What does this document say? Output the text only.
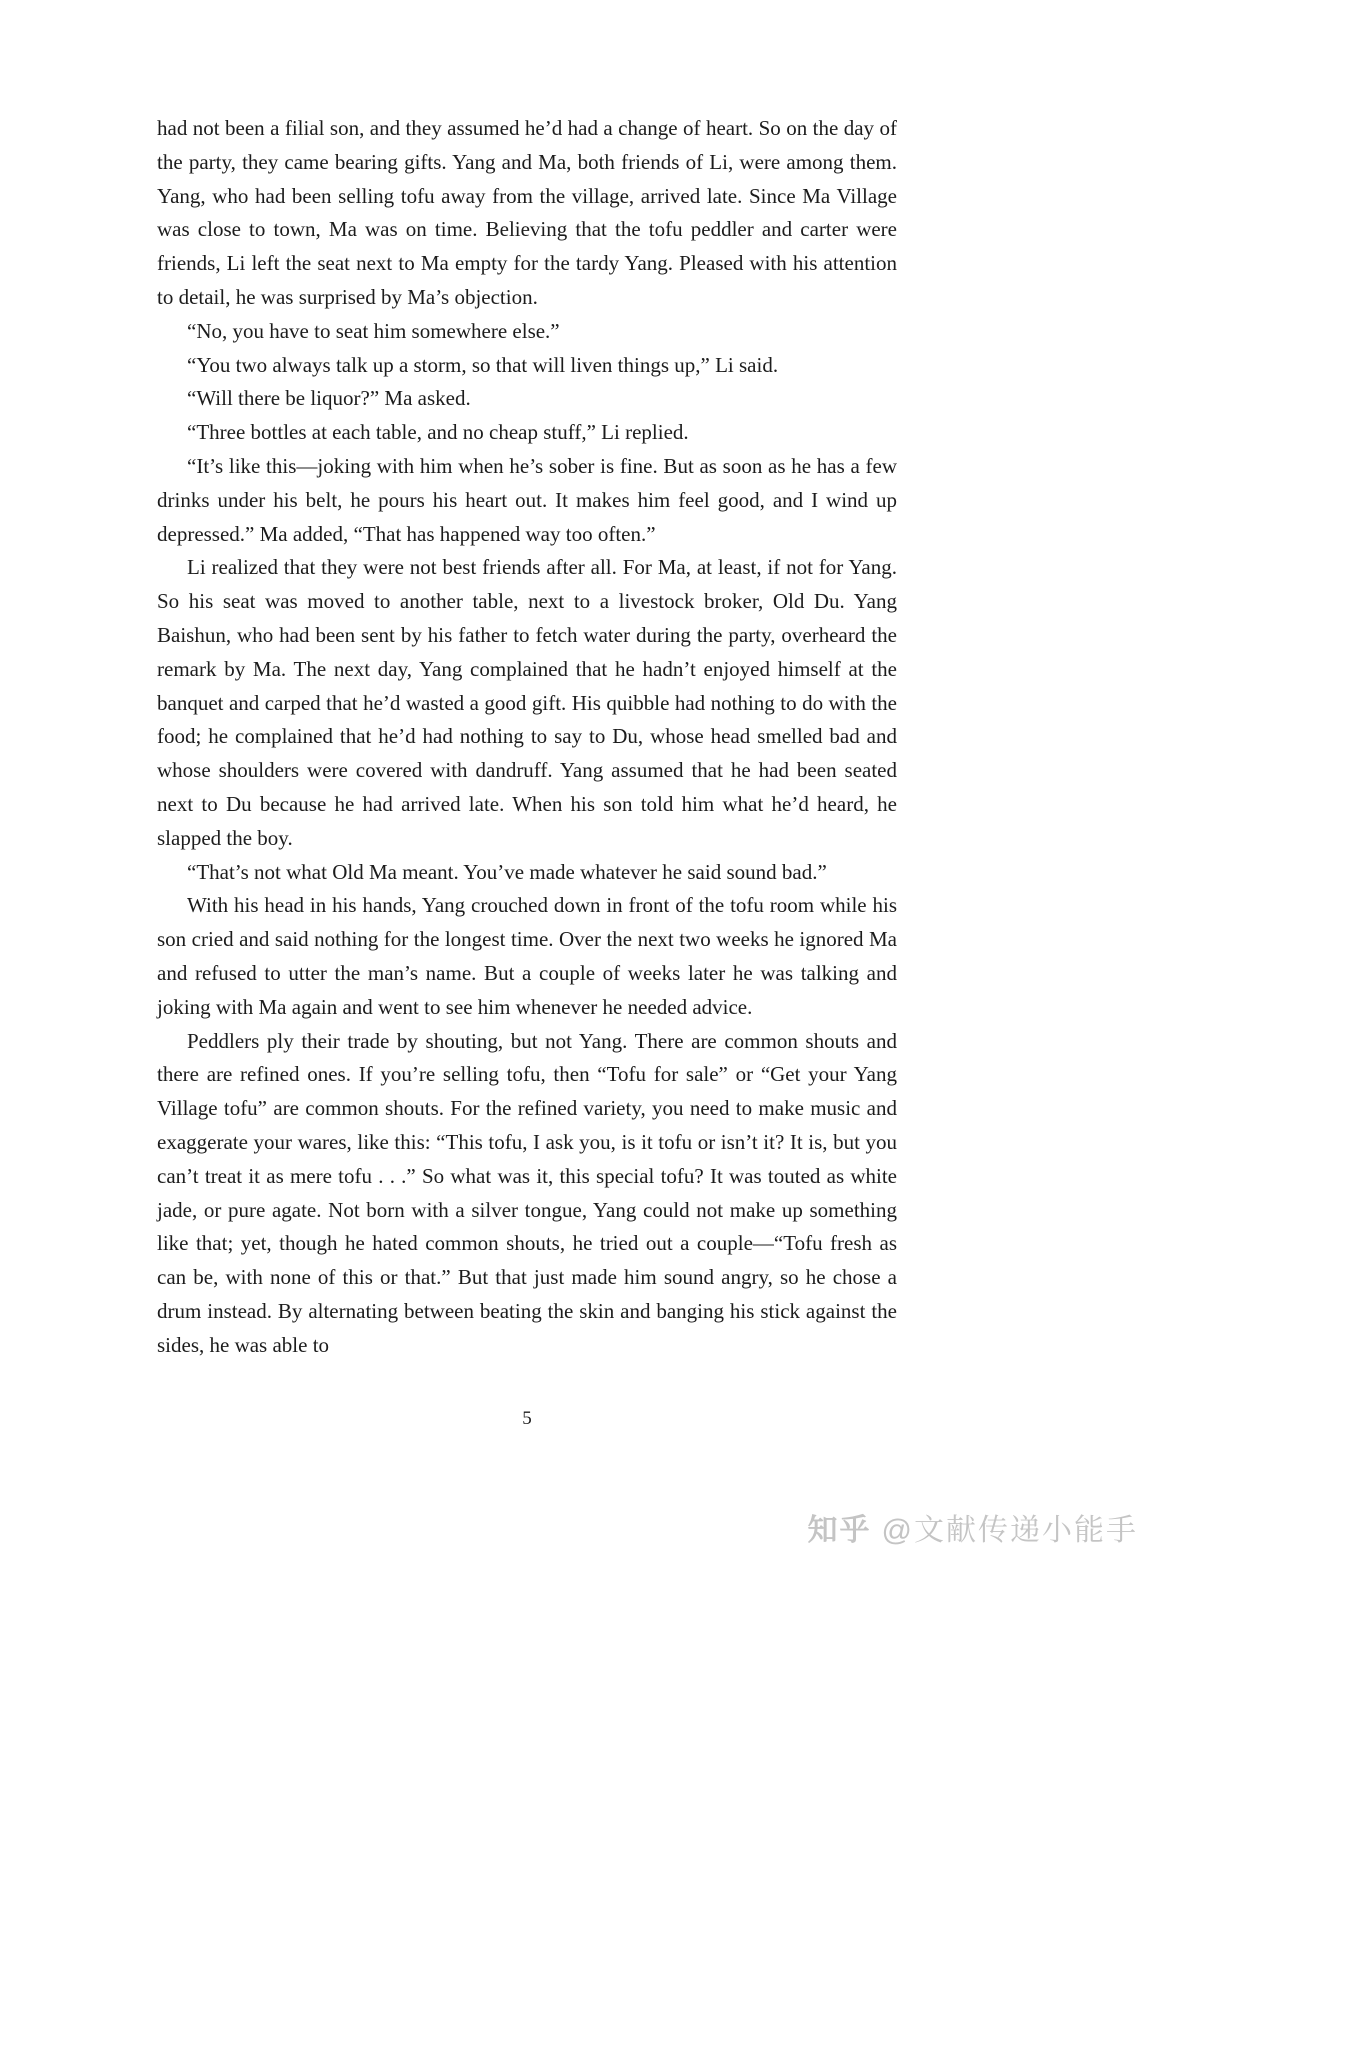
had not been a filial son, and they assumed he’d had a change of heart. So on the day of the party, they came bearing gifts. Yang and Ma, both friends of Li, were among them. Yang, who had been selling tofu away from the village, arrived late. Since Ma Village was close to town, Ma was on time. Believing that the tofu peddler and carter were friends, Li left the seat next to Ma empty for the tardy Yang. Pleased with his attention to detail, he was surprised by Ma’s objection.

“No, you have to seat him somewhere else.”

“You two always talk up a storm, so that will liven things up,” Li said.

“Will there be liquor?” Ma asked.

“Three bottles at each table, and no cheap stuff,” Li replied.

“It’s like this—joking with him when he’s sober is fine. But as soon as he has a few drinks under his belt, he pours his heart out. It makes him feel good, and I wind up depressed.” Ma added, “That has happened way too often.”

Li realized that they were not best friends after all. For Ma, at least, if not for Yang. So his seat was moved to another table, next to a livestock broker, Old Du. Yang Baishun, who had been sent by his father to fetch water during the party, overheard the remark by Ma. The next day, Yang complained that he hadn’t enjoyed himself at the banquet and carped that he’d wasted a good gift. His quibble had nothing to do with the food; he complained that he’d had nothing to say to Du, whose head smelled bad and whose shoulders were covered with dandruff. Yang assumed that he had been seated next to Du because he had arrived late. When his son told him what he’d heard, he slapped the boy.

“That’s not what Old Ma meant. You’ve made whatever he said sound bad.”

With his head in his hands, Yang crouched down in front of the tofu room while his son cried and said nothing for the longest time. Over the next two weeks he ignored Ma and refused to utter the man’s name. But a couple of weeks later he was talking and joking with Ma again and went to see him whenever he needed advice.

Peddlers ply their trade by shouting, but not Yang. There are common shouts and there are refined ones. If you’re selling tofu, then “Tofu for sale” or “Get your Yang Village tofu” are common shouts. For the refined variety, you need to make music and exaggerate your wares, like this: “This tofu, I ask you, is it tofu or isn’t it? It is, but you can’t treat it as mere tofu . . .” So what was it, this special tofu? It was touted as white jade, or pure agate. Not born with a silver tongue, Yang could not make up something like that; yet, though he hated common shouts, he tried out a couple—“Tofu fresh as can be, with none of this or that.” But that just made him sound angry, so he chose a drum instead. By alternating between beating the skin and banging his stick against the sides, he was able to

5
知乎 @文献传递小能手
